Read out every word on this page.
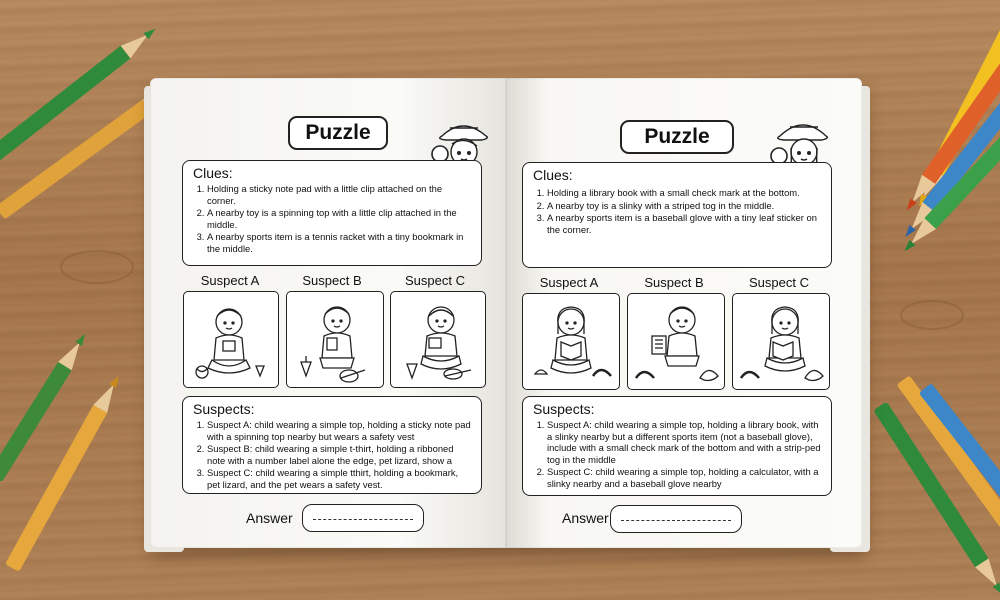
Puzzle
Clues:
1. Holding a sticky note pad with a little clip attached on the corner.
2. A nearby toy is a spinning top with a little clip attached in the middle.
3. A nearby sports item is a tennis racket with a tiny bookmark in the middle.
Suspect A	Suspect B	Suspect C
Suspects:
1. Suspect A: child wearing a simple top, holding a sticky note pad with a spinning top nearby but wears a safety vest
2. Suspect B: child wearing a simple t-thirt, holding a ribboned note with a number label alone the edge, pet lizard, show a
3. Suspect C: child wearing a simple tthirt, holding a bookmark, pet lizard, and the pet wears a safety vest.
Answer
Puzzle
Clues:
1. Holding a library book with a small check mark at the bottom.
2. A nearby toy is a slinky with a striped tog in the middle.
3. A nearby sports item is a baseball glove with a tiny leaf sticker on the corner.
Suspect A	Suspect B	Suspect C
Suspects:
1. Suspect A: child wearing a simple top, holding a library book, with a slinky nearby but a different sports item (not a baseball glove), include with a small check mark of the bottom and with a strip-ped tog in the middle
2. Suspect C: child wearing a simple top, holding a calculator, with a slinky nearby and a baseball glove nearby
Answer
